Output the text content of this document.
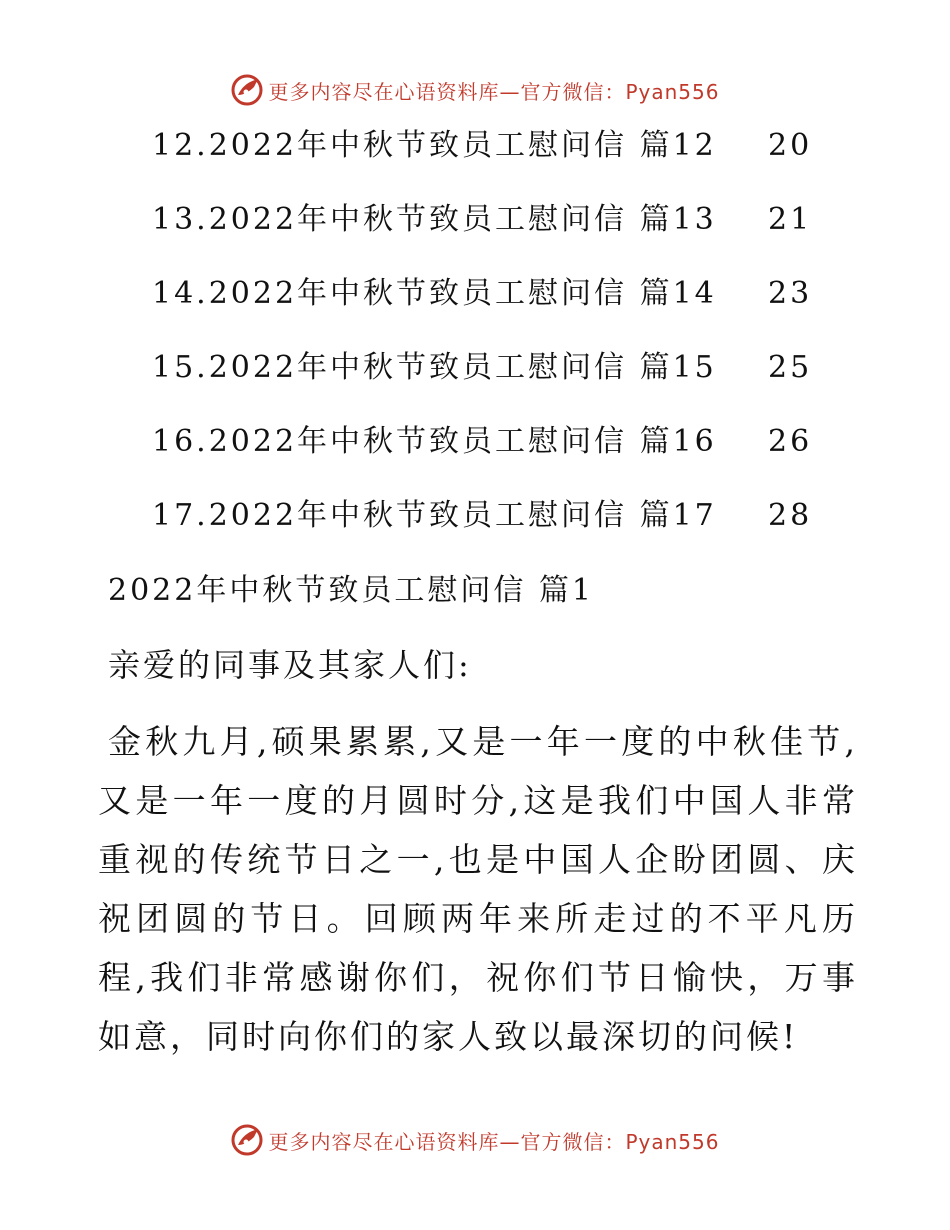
更多内容尽在心语资料库—官方微信：Pyan556
12.2022年中秋节致员工慰问信 篇12 20
13.2022年中秋节致员工慰问信 篇13 21
14.2022年中秋节致员工慰问信 篇14 23
15.2022年中秋节致员工慰问信 篇15 25
16.2022年中秋节致员工慰问信 篇16 26
17.2022年中秋节致员工慰问信 篇17 28
2022年中秋节致员工慰问信 篇1
亲爱的同事及其家人们:
金秋九月,硕果累累,又是一年一度的中秋佳节,又是一年一度的月圆时分,这是我们中国人非常重视的传统节日之一,也是中国人企盼团圆、庆祝团圆的节日。回顾两年来所走过的不平凡历程,我们非常感谢你们，祝你们节日愉快，万事如意，同时向你们的家人致以最深切的问候!
更多内容尽在心语资料库—官方微信：Pyan556
